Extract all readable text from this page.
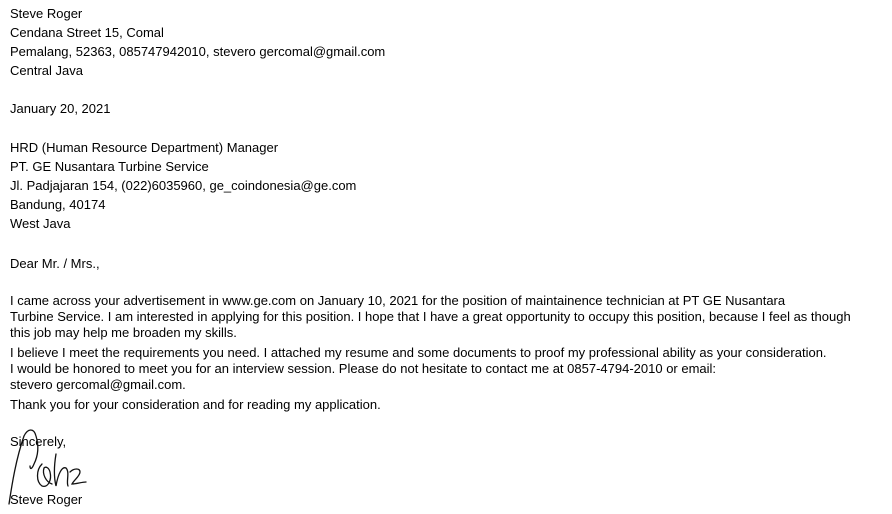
Steve Roger
Cendana Street 15, Comal
Pemalang, 52363, 085747942010, stevero gercomal@gmail.com
Central Java
January 20, 2021
HRD (Human Resource Department) Manager
PT. GE Nusantara Turbine Service
Jl. Padjajaran 154, (022)6035960, ge_coindonesia@ge.com
Bandung, 40174
West Java
Dear Mr. / Mrs.,
I came across your advertisement in www.ge.com on January 10, 2021 for the position of maintainence technician at PT GE Nusantara
Turbine Service. I am interested in applying for this position. I hope that I have a great opportunity to occupy this position, because I feel as though
this job may help me broaden my skills.
I believe I meet the requirements you need. I attached my resume and some documents to proof my professional ability as your consideration.
I would be honored to meet you for an interview session. Please do not hesitate to contact me at 0857-4794-2010 or email:
stevero gercomal@gmail.com.
Thank you for your consideration and for reading my application.
Sincerely,
Steve Roger
